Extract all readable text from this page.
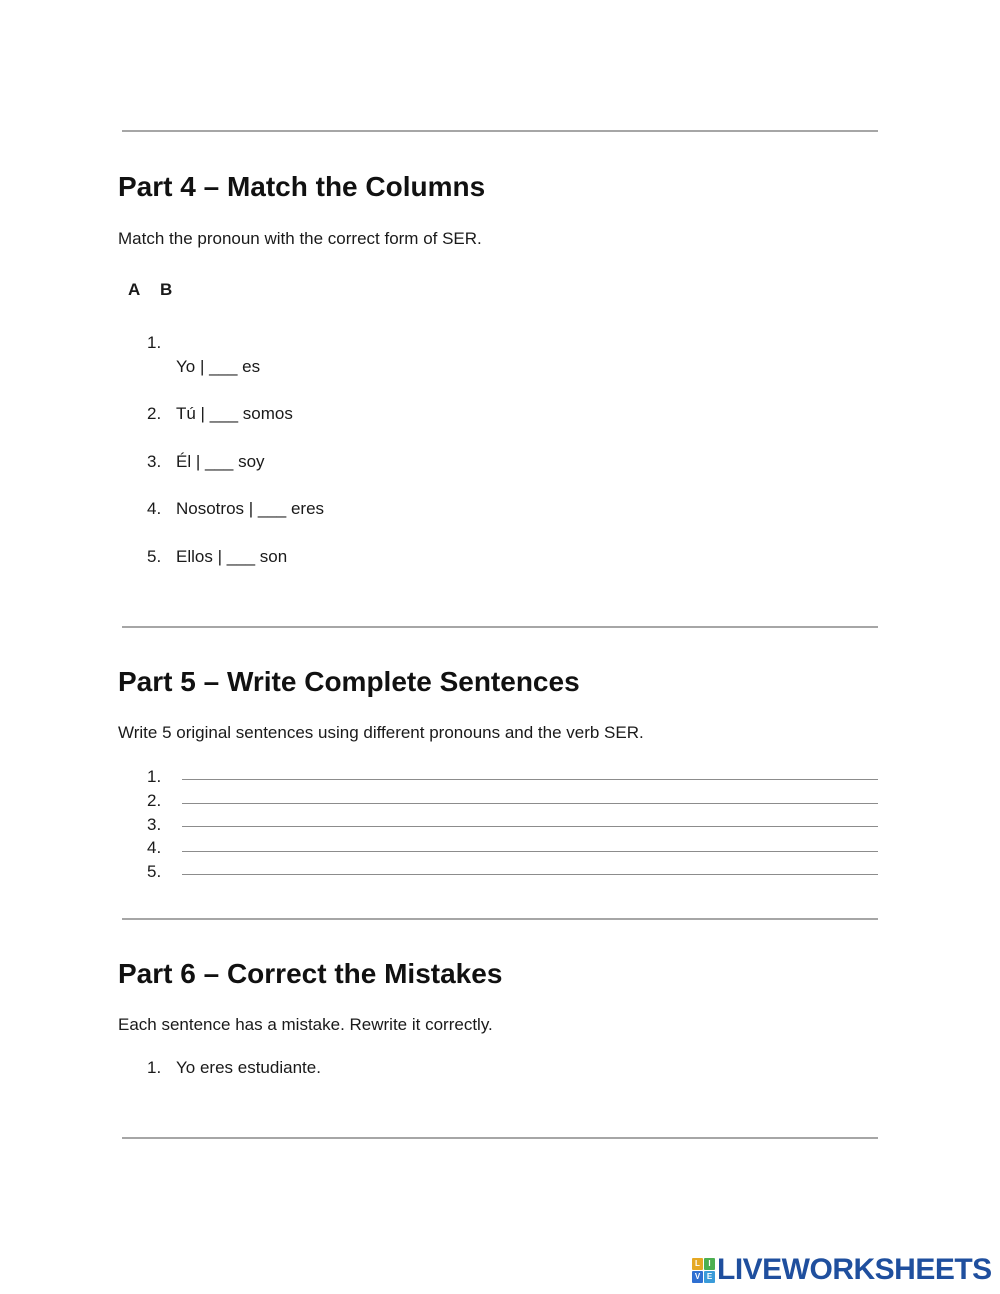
Part 4 – Match the Columns
Match the pronoun with the correct form of SER.
A B
1.
Yo | ___ es
2. Tú | ___ somos
3. Él | ___ soy
4. Nosotros | ___ eres
5. Ellos | ___ son
Part 5 – Write Complete Sentences
Write 5 original sentences using different pronouns and the verb SER.
1.
2.
3.
4.
5.
Part 6 – Correct the Mistakes
Each sentence has a mistake. Rewrite it correctly.
1. Yo eres estudiante.
L	I
V E LIVEWORKSHEETS
